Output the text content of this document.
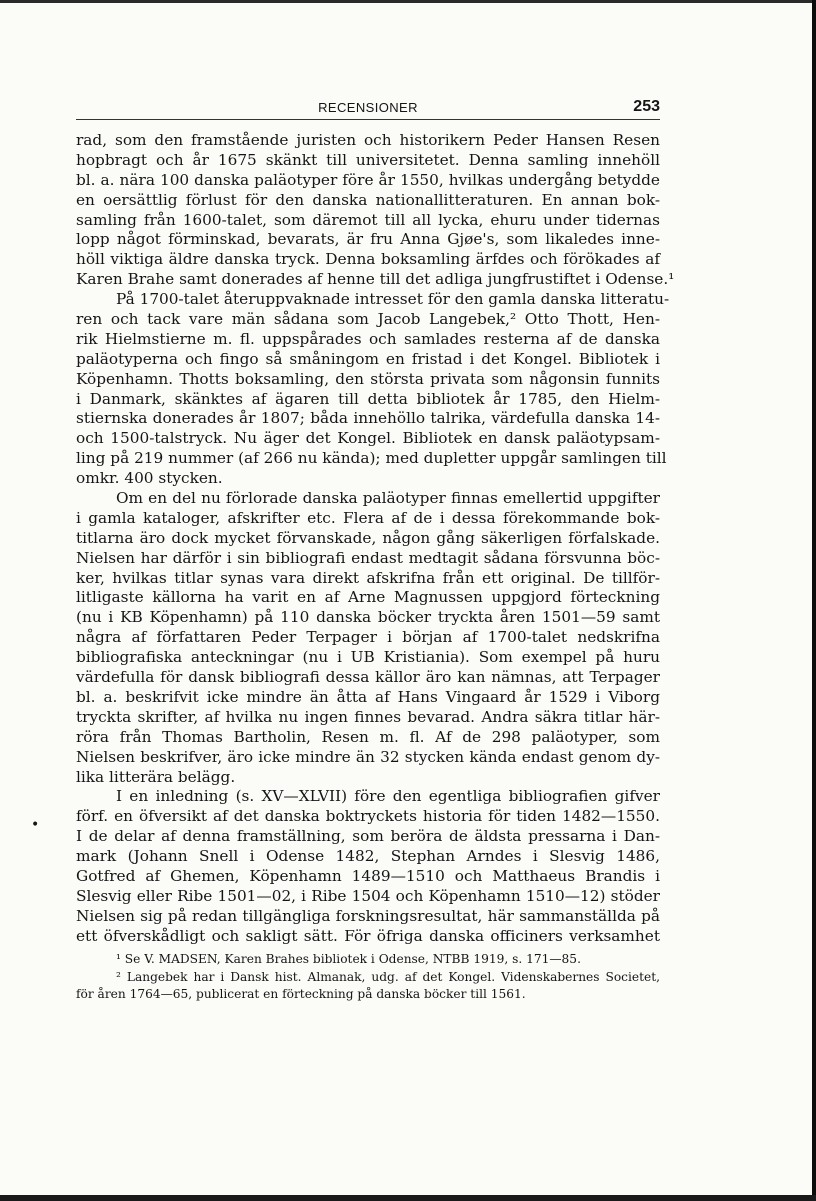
RECENSIONER	253
•
rad, som den framstående juristen och historikern Peder Hansen Resen
hopbragt och år 1675 skänkt till universitetet. Denna samling innehöll
bl. a. nära 100 danska paläotyper före år 1550, hvilkas undergång betydde
en oersättlig förlust för den danska nationallitteraturen. En annan bok-
samling från 1600-talet, som däremot till all lycka, ehuru under tidernas
lopp något förminskad, bevarats, är fru Anna Gjøe's, som likaledes inne-
höll viktiga äldre danska tryck. Denna boksamling ärfdes och förökades af
Karen Brahe samt donerades af henne till det adliga jungfrustiftet i Odense.¹
På 1700-talet återuppvaknade intresset för den gamla danska litteratu-
ren och tack vare män sådana som Jacob Langebek,² Otto Thott, Hen-
rik Hielmstierne m. fl. uppspårades och samlades resterna af de danska
paläotyperna och fingo så småningom en fristad i det Kongel. Bibliotek i
Köpenhamn. Thotts boksamling, den största privata som någonsin funnits
i Danmark, skänktes af ägaren till detta bibliotek år 1785, den Hielm-
stiernska donerades år 1807; båda innehöllo talrika, värdefulla danska 14-
och 1500-talstryck. Nu äger det Kongel. Bibliotek en dansk paläotypsam-
ling på 219 nummer (af 266 nu kända); med dupletter uppgår samlingen till
omkr. 400 stycken.
Om en del nu förlorade danska paläotyper finnas emellertid uppgifter
i gamla kataloger, afskrifter etc. Flera af de i dessa förekommande bok-
titlarna äro dock mycket förvanskade, någon gång säkerligen förfalskade.
Nielsen har därför i sin bibliografi endast medtagit sådana försvunna böc-
ker, hvilkas titlar synas vara direkt afskrifna från ett original. De tillför-
litligaste källorna ha varit en af Arne Magnussen uppgjord förteckning
(nu i KB Köpenhamn) på 110 danska böcker tryckta åren 1501—59 samt
några af författaren Peder Terpager i början af 1700-talet nedskrifna
bibliografiska anteckningar (nu i UB Kristiania). Som exempel på huru
värdefulla för dansk bibliografi dessa källor äro kan nämnas, att Terpager
bl. a. beskrifvit icke mindre än åtta af Hans Vingaard år 1529 i Viborg
tryckta skrifter, af hvilka nu ingen finnes bevarad. Andra säkra titlar här-
röra från Thomas Bartholin, Resen m. fl. Af de 298 paläotyper, som
Nielsen beskrifver, äro icke mindre än 32 stycken kända endast genom dy-
lika litterära belägg.
I en inledning (s. XV—XLVII) före den egentliga bibliografien gifver
förf. en öfversikt af det danska boktryckets historia för tiden 1482—1550.
I de delar af denna framställning, som beröra de äldsta pressarna i Dan-
mark (Johann Snell i Odense 1482, Stephan Arndes i Slesvig 1486,
Gotfred af Ghemen, Köpenhamn 1489—1510 och Matthaeus Brandis i
Slesvig eller Ribe 1501—02, i Ribe 1504 och Köpenhamn 1510—12) stöder
Nielsen sig på redan tillgängliga forskningsresultat, här sammanställda på
ett öfverskådligt och sakligt sätt. För öfriga danska officiners verksamhet
¹ Se V. MADSEN, Karen Brahes bibliotek i Odense, NTBB 1919, s. 171—85.
² Langebek har i Dansk hist. Almanak, udg. af det Kongel. Videnskabernes Societet,
för åren 1764—65, publicerat en förteckning på danska böcker till 1561.
